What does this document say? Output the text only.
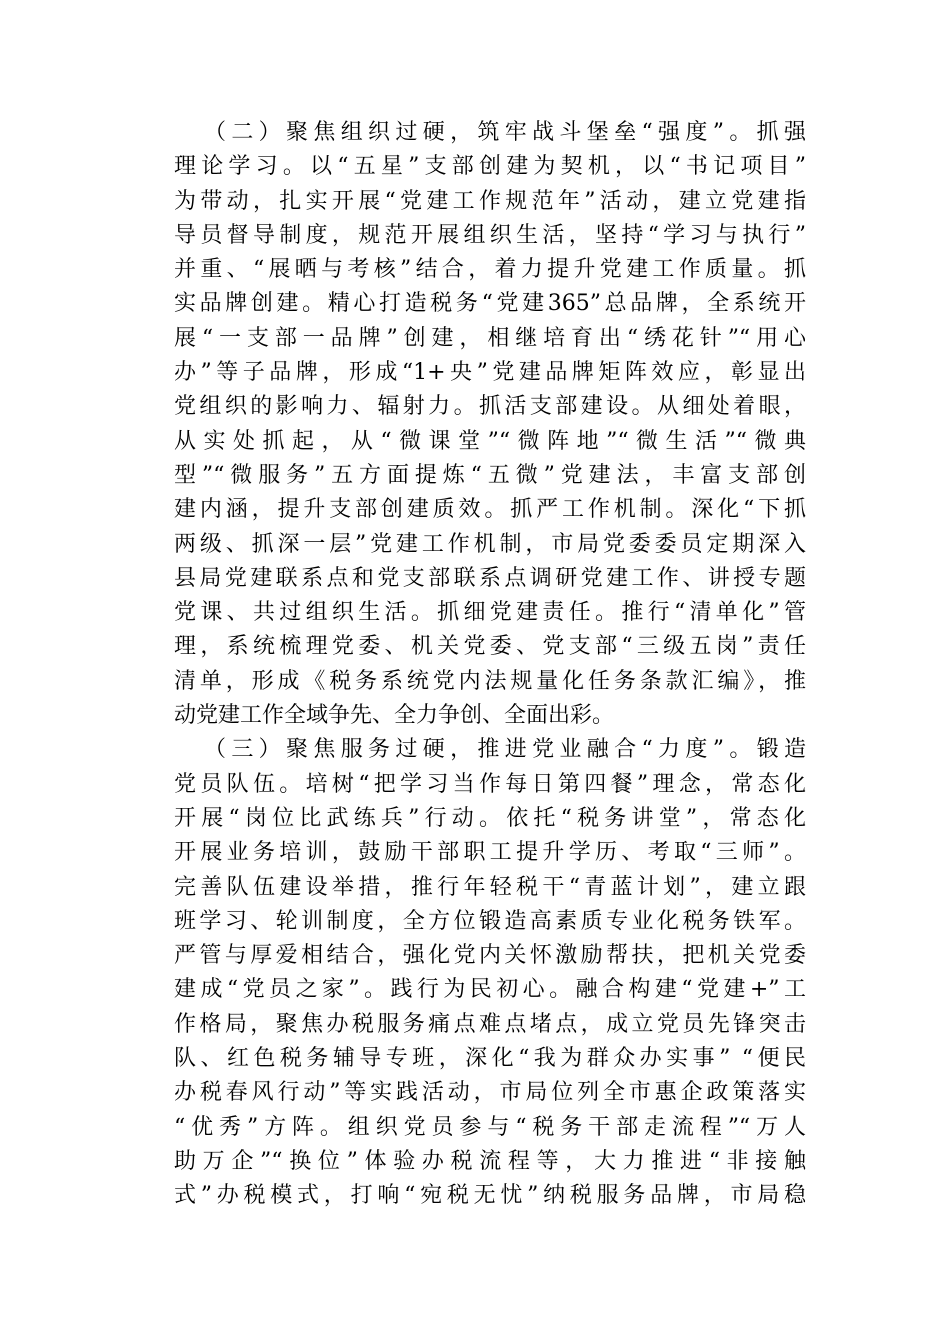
（二）聚焦组织过硬，筑牢战斗堡垒“强度”。抓强
理论学习。以“五星”支部创建为契机，以“书记项目”
为带动，扎实开展“党建工作规范年”活动，建立党建指
导员督导制度，规范开展组织生活，坚持“学习与执行”
并重、“展晒与考核”结合，着力提升党建工作质量。抓
实品牌创建。精心打造税务“党建365”总品牌，全系统开
展“一支部一品牌”创建，相继培育出“绣花针”“用心
办”等子品牌，形成“1+央”党建品牌矩阵效应，彰显出
党组织的影响力、辐射力。抓活支部建设。从细处着眼，
从实处抓起，从“微课堂”“微阵地”“微生活”“微典
型”“微服务”五方面提炼“五微”党建法，丰富支部创
建内涵，提升支部创建质效。抓严工作机制。深化“下抓
两级、抓深一层”党建工作机制，市局党委委员定期深入
县局党建联系点和党支部联系点调研党建工作、讲授专题
党课、共过组织生活。抓细党建责任。推行“清单化”管
理，系统梳理党委、机关党委、党支部“三级五岗”责任
清单，形成《税务系统党内法规量化任务条款汇编》，推
动党建工作全域争先、全力争创、全面出彩。
（三）聚焦服务过硬，推进党业融合“力度”。锻造
党员队伍。培树“把学习当作每日第四餐”理念，常态化
开展“岗位比武练兵”行动。依托“税务讲堂”，常态化
开展业务培训，鼓励干部职工提升学历、考取“三师”。
完善队伍建设举措，推行年轻税干“青蓝计划”，建立跟
班学习、轮训制度，全方位锻造高素质专业化税务铁军。
严管与厚爱相结合，强化党内关怀激励帮扶，把机关党委
建成“党员之家”。践行为民初心。融合构建“党建+”工
作格局，聚焦办税服务痛点难点堵点，成立党员先锋突击
队、红色税务辅导专班，深化“我为群众办实事” “便民
办税春风行动”等实践活动，市局位列全市惠企政策落实
“优秀”方阵。组织党员参与“税务干部走流程”“万人
助万企”“换位”体验办税流程等，大力推进“非接触
式”办税模式，打响“宛税无忧”纳税服务品牌，市局稳
